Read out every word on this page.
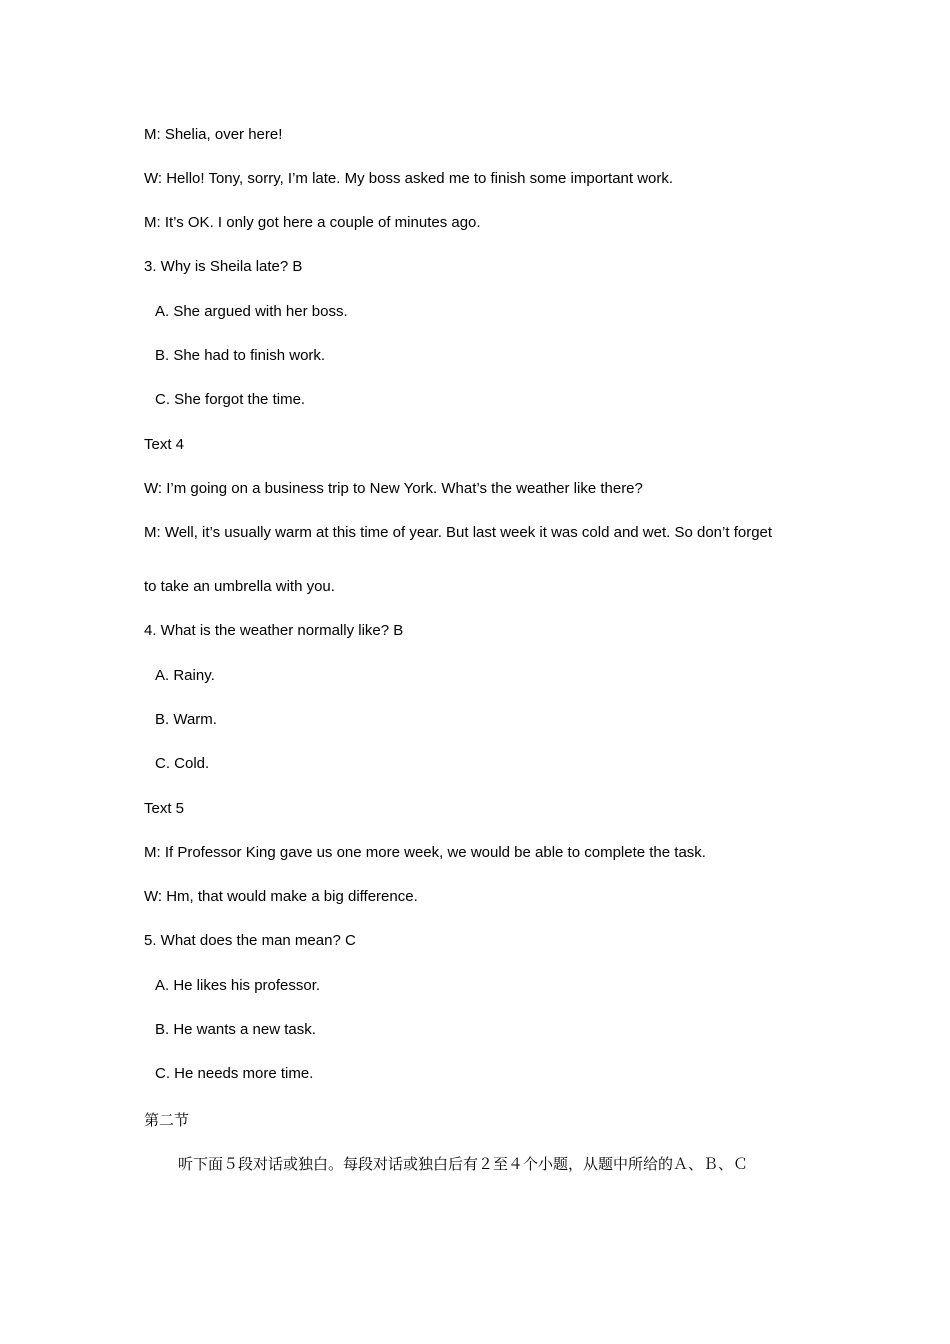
M: Shelia, over here!
W: Hello! Tony, sorry, I’m late. My boss asked me to finish some important work.
M: It’s OK. I only got here a couple of minutes ago.
3. Why is Sheila late? B
A. She argued with her boss.
B. She had to finish work.
C. She forgot the time.
Text 4
W: I’m going on a business trip to New York. What’s the weather like there?
M: Well, it’s usually warm at this time of year. But last week it was cold and wet. So don’t forget
to take an umbrella with you.
4. What is the weather normally like? B
A. Rainy.
B. Warm.
C. Cold.
Text 5
M: If Professor King gave us one more week, we would be able to complete the task.
W: Hm, that would make a big difference.
5. What does the man mean? C
A. He likes his professor.
B. He wants a new task.
C. He needs more time.
第二节
听下面５段对话或独白。每段对话或独白后有２至４个小题，从题中所给的Ａ、Ｂ、Ｃ
